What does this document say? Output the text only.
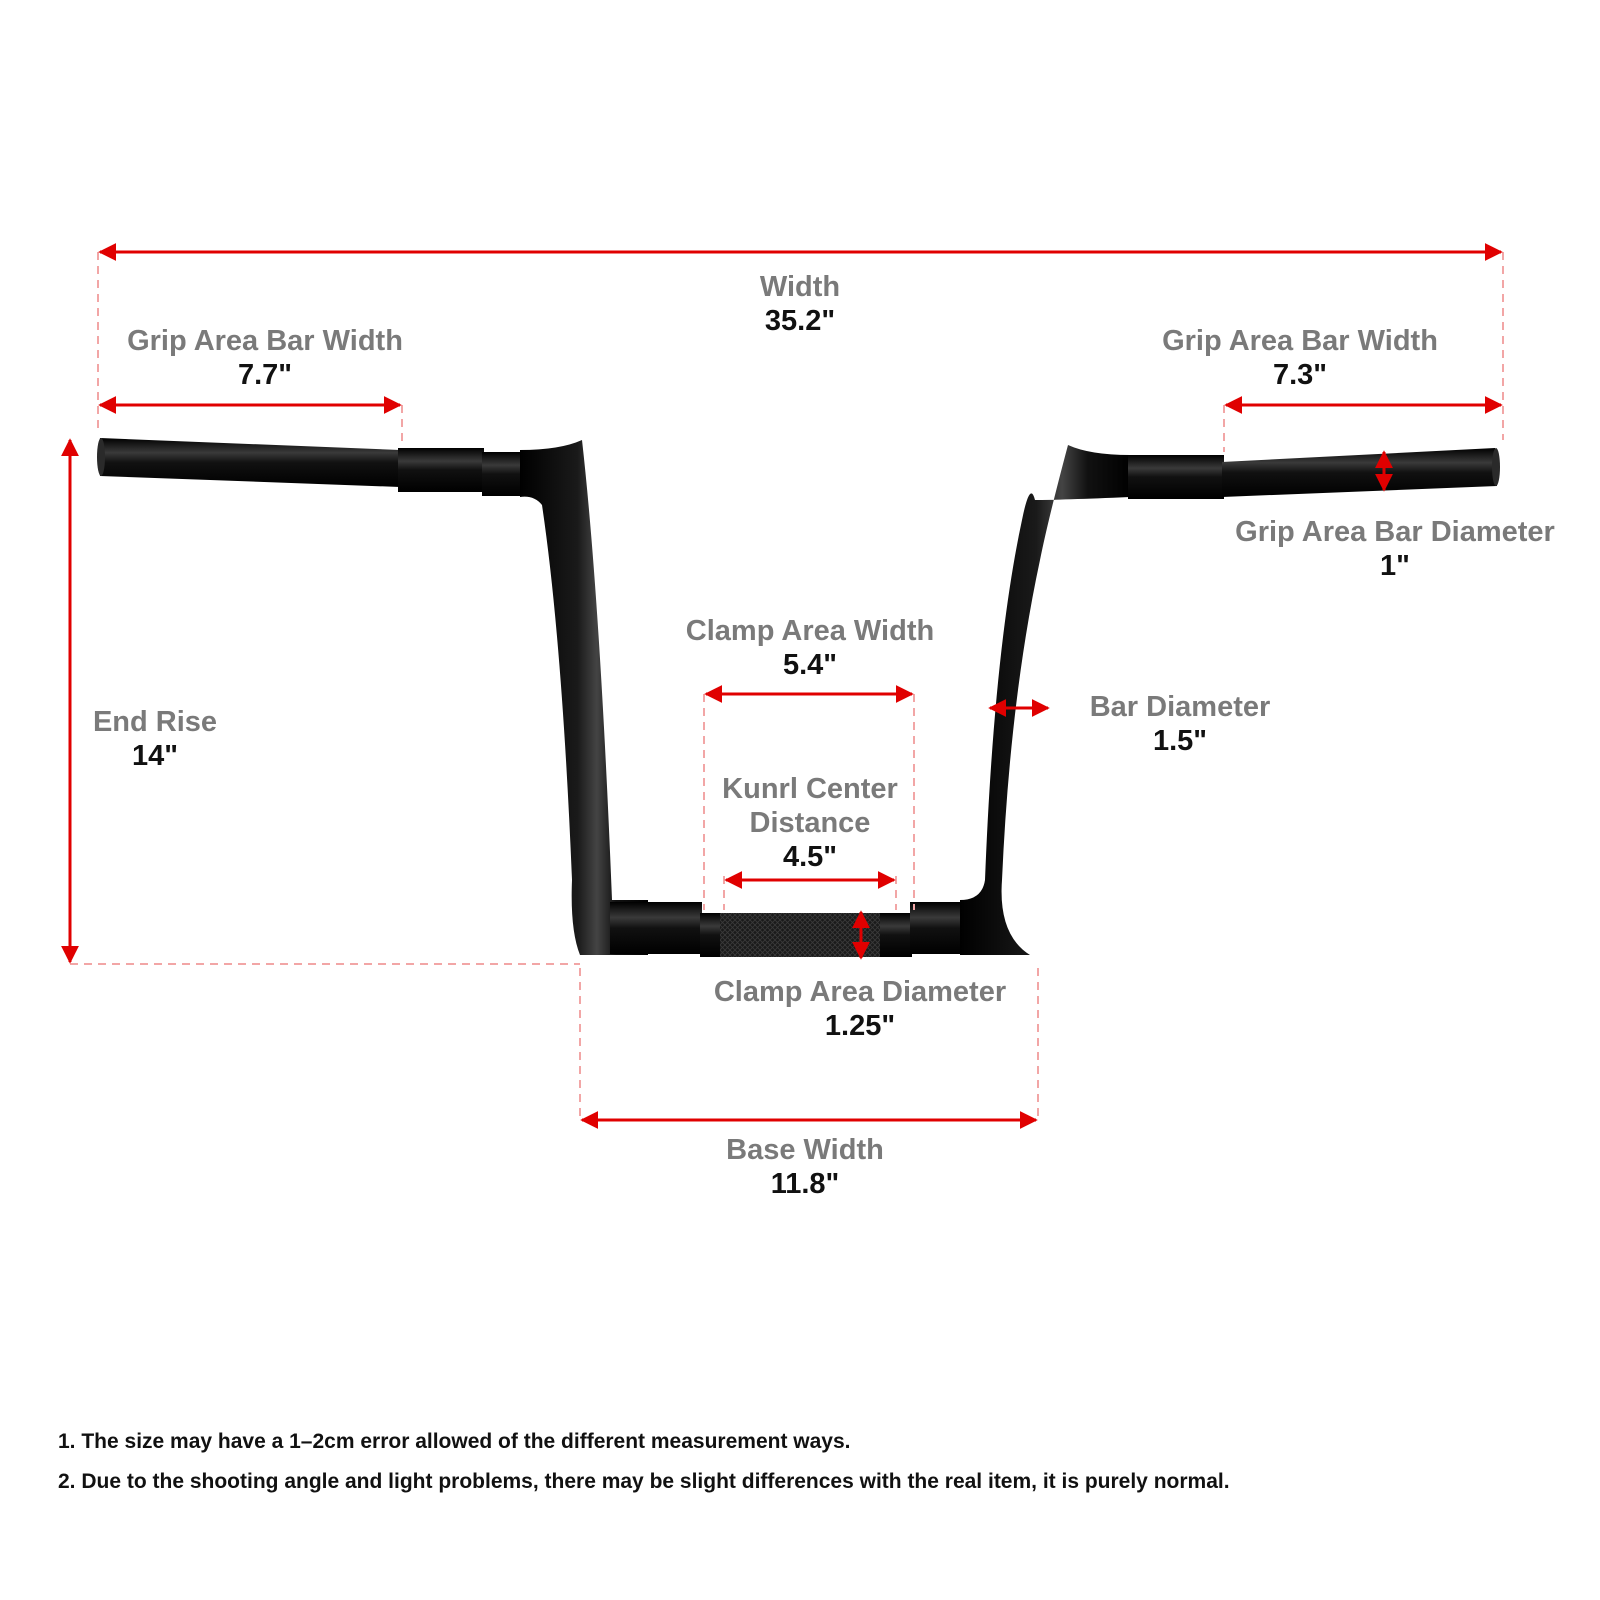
Width
35.2"
Grip Area Bar Width
7.7"
Grip Area Bar Width
7.3"
Grip Area Bar Diameter
1"
Clamp Area Width
5.4"
Bar Diameter
1.5"
End Rise
14"
Kunrl Center Distance
4.5"
Clamp Area Diameter
1.25"
Base Width
11.8"
1. The size may have a 1–2cm error allowed of the different measurement ways.
2. Due to the shooting angle and light problems, there may be slight differences with the real item, it is purely normal.
